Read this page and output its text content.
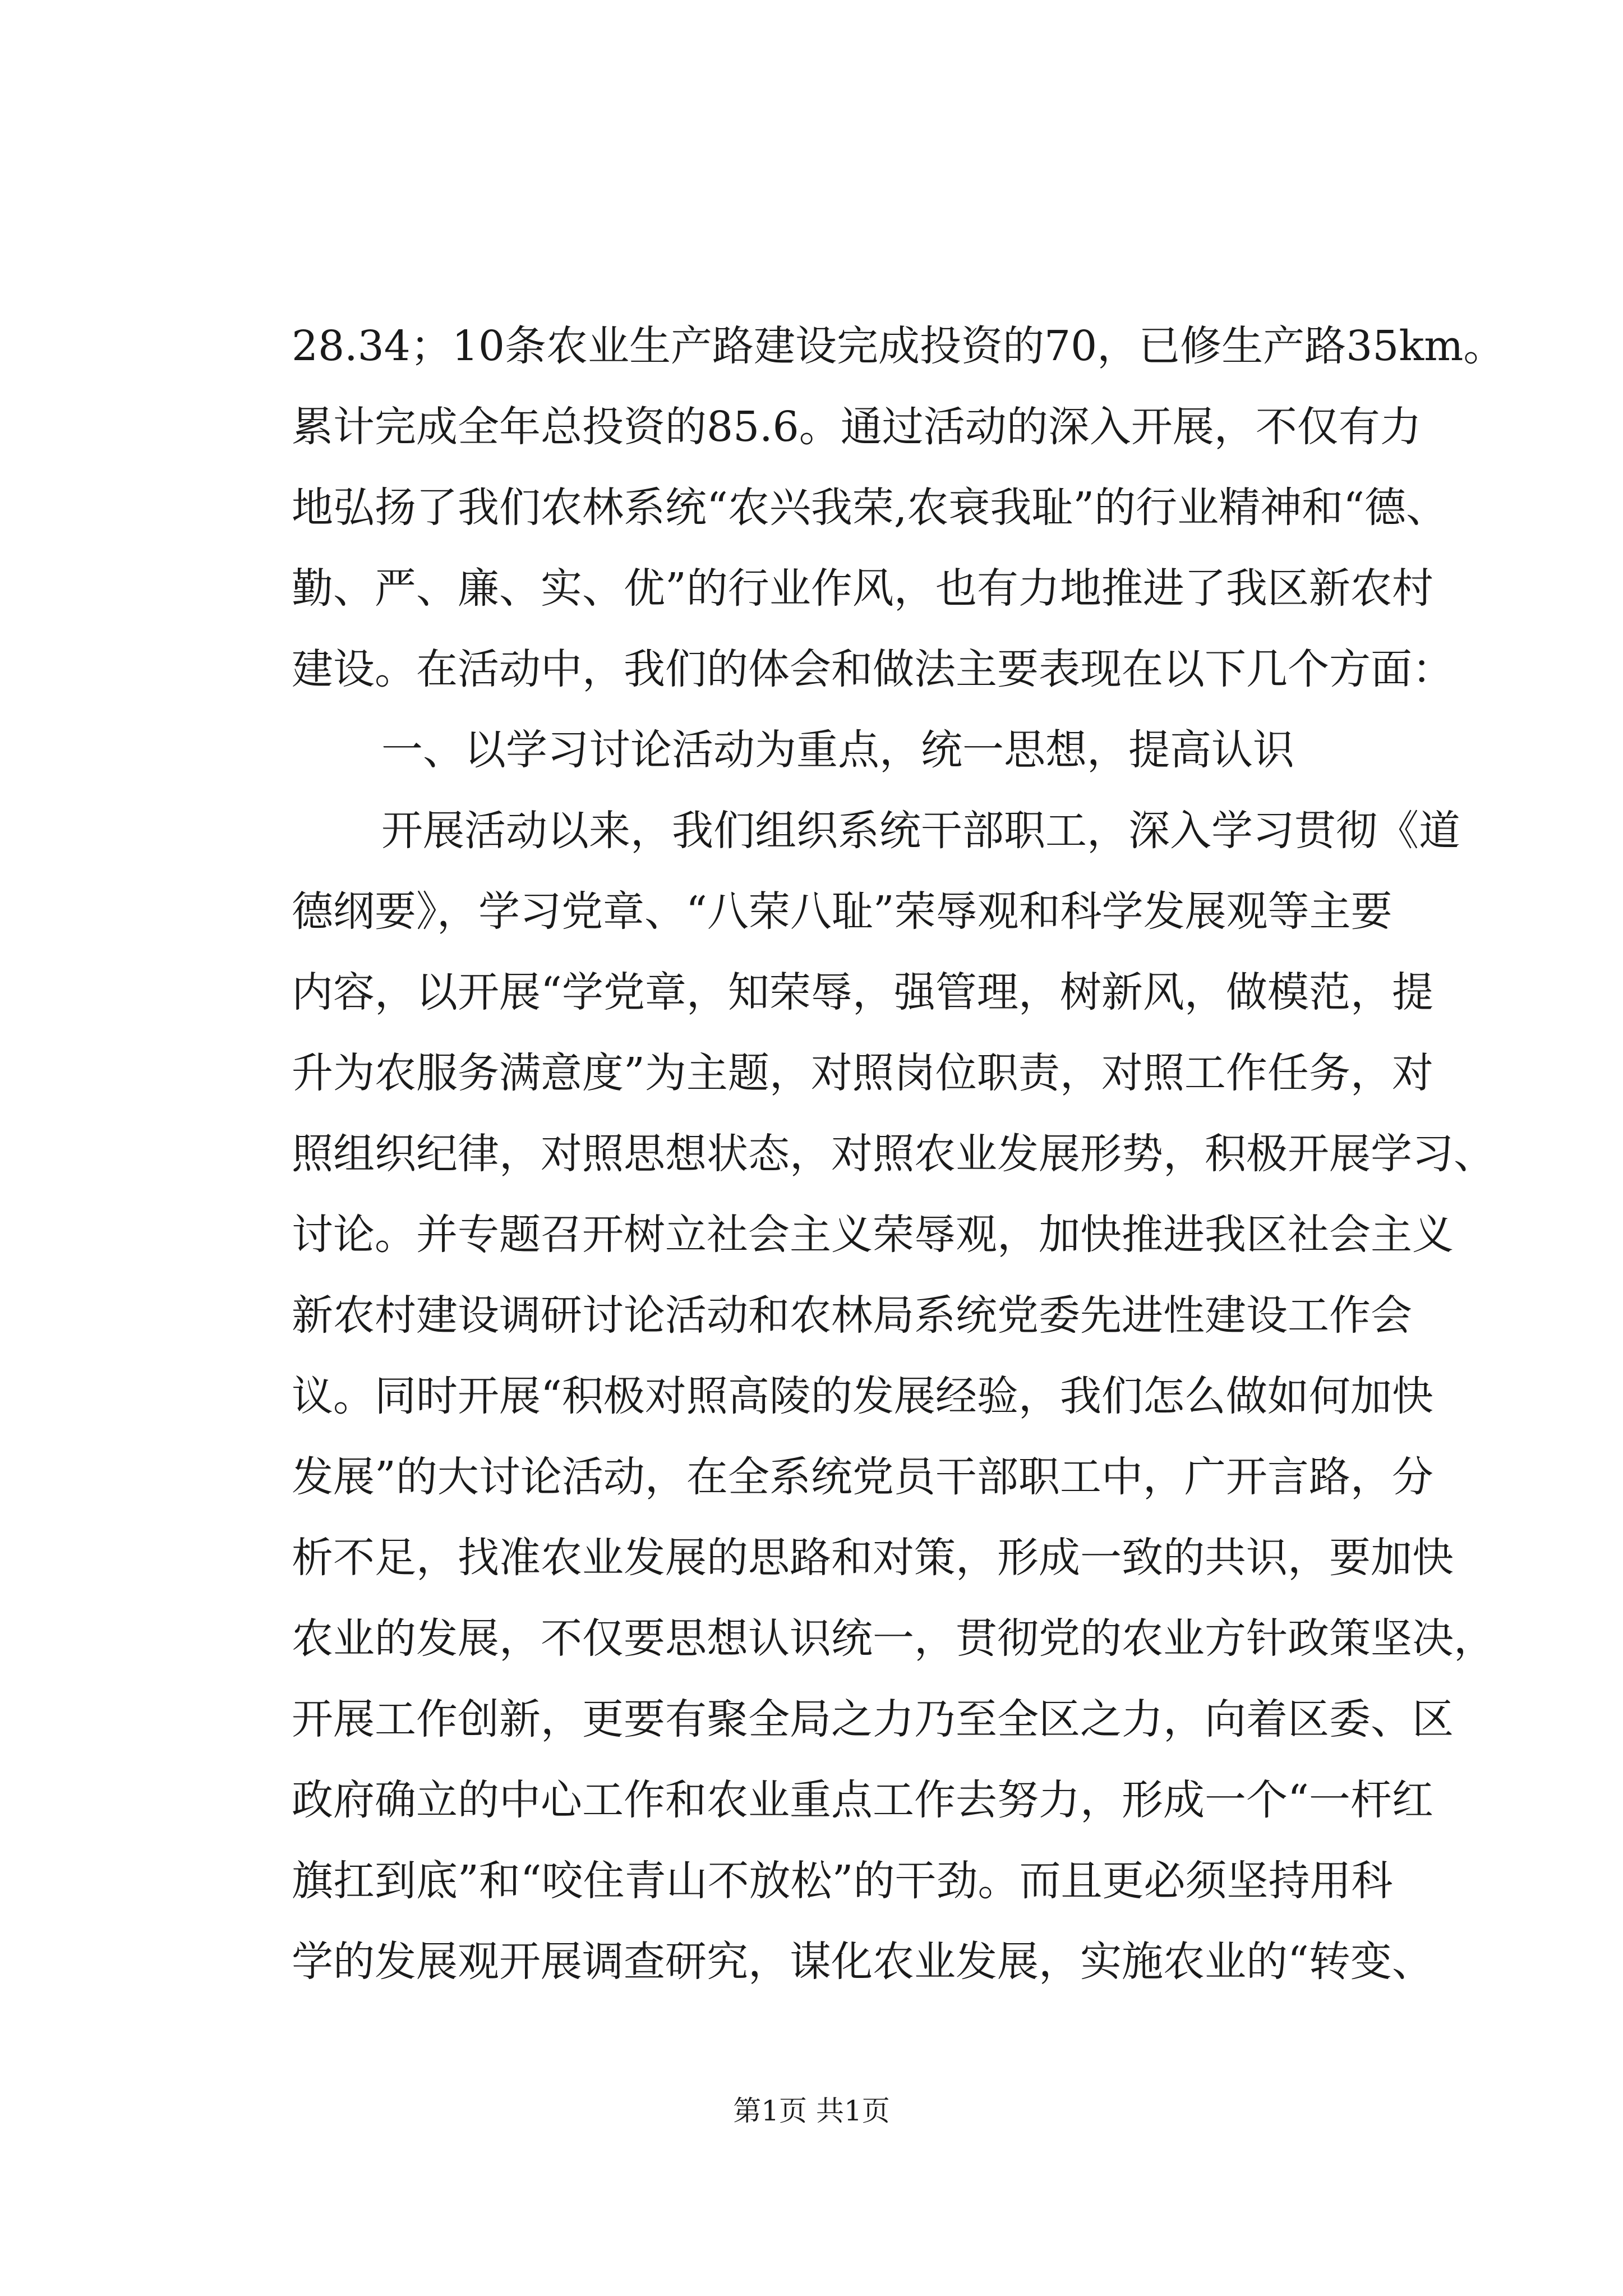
28.34；10条农业生产路建设完成投资的70，已修生产路35km。
累计完成全年总投资的85.6。通过活动的深入开展，不仅有力
地弘扬了我们农林系统“农兴我荣,农衰我耻”的行业精神和“德、
勤、严、廉、实、优”的行业作风，也有力地推进了我区新农村
建设。在活动中，我们的体会和做法主要表现在以下几个方面：
一、以学习讨论活动为重点，统一思想，提高认识
开展活动以来，我们组织系统干部职工，深入学习贯彻《道
德纲要》，学习党章、“八荣八耻”荣辱观和科学发展观等主要
内容，以开展“学党章，知荣辱，强管理，树新风，做模范，提
升为农服务满意度”为主题，对照岗位职责，对照工作任务，对
照组织纪律，对照思想状态，对照农业发展形势，积极开展学习、
讨论。并专题召开树立社会主义荣辱观，加快推进我区社会主义
新农村建设调研讨论活动和农林局系统党委先进性建设工作会
议。同时开展“积极对照高陵的发展经验，我们怎么做如何加快
发展”的大讨论活动，在全系统党员干部职工中，广开言路，分
析不足，找准农业发展的思路和对策，形成一致的共识，要加快
农业的发展，不仅要思想认识统一，贯彻党的农业方针政策坚决，
开展工作创新，更要有聚全局之力乃至全区之力，向着区委、区
政府确立的中心工作和农业重点工作去努力，形成一个“一杆红
旗扛到底”和“咬住青山不放松”的干劲。而且更必须坚持用科
学的发展观开展调查研究，谋化农业发展，实施农业的“转变、
第1页 共1页
